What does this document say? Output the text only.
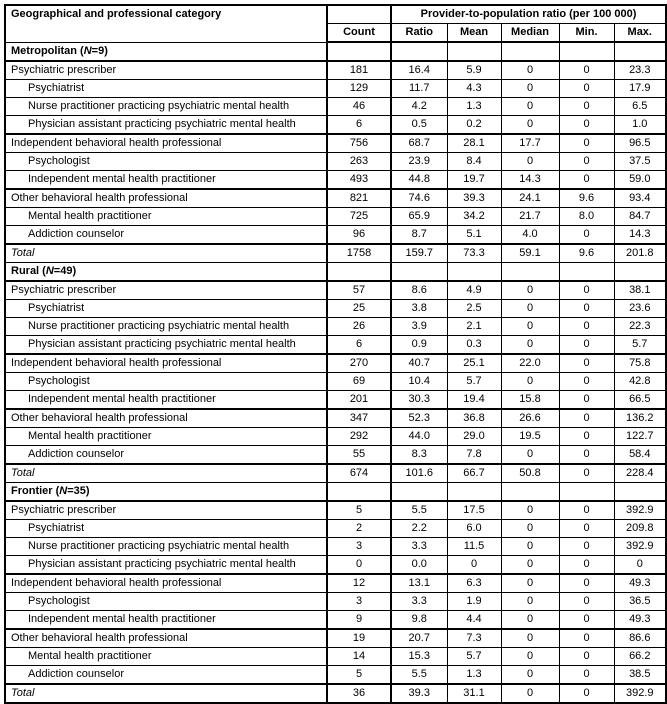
Geographical and professional category		Provider-to-population ratio (per 100 000)				
	Count	Ratio	Mean	Median	Min.	Max.
Metropolitan (N=9)						
Psychiatric prescriber	181	16.4	5.9	0	0	23.3
Psychiatrist	129	11.7	4.3	0	0	17.9
Nurse practitioner practicing psychiatric mental health	46	4.2	1.3	0	0	6.5
Physician assistant practicing psychiatric mental health	6	0.5	0.2	0	0	1.0
Independent behavioral health professional	756	68.7	28.1	17.7	0	96.5
Psychologist	263	23.9	8.4	0	0	37.5
Independent mental health practitioner	493	44.8	19.7	14.3	0	59.0
Other behavioral health professional	821	74.6	39.3	24.1	9.6	93.4
Mental health practitioner	725	65.9	34.2	21.7	8.0	84.7
Addiction counselor	96	8.7	5.1	4.0	0	14.3
Total	1758	159.7	73.3	59.1	9.6	201.8
Rural (N=49)						
Psychiatric prescriber	57	8.6	4.9	0	0	38.1
Psychiatrist	25	3.8	2.5	0	0	23.6
Nurse practitioner practicing psychiatric mental health	26	3.9	2.1	0	0	22.3
Physician assistant practicing psychiatric mental health	6	0.9	0.3	0	0	5.7
Independent behavioral health professional	270	40.7	25.1	22.0	0	75.8
Psychologist	69	10.4	5.7	0	0	42.8
Independent mental health practitioner	201	30.3	19.4	15.8	0	66.5
Other behavioral health professional	347	52.3	36.8	26.6	0	136.2
Mental health practitioner	292	44.0	29.0	19.5	0	122.7
Addiction counselor	55	8.3	7.8	0	0	58.4
Total	674	101.6	66.7	50.8	0	228.4
Frontier (N=35)						
Psychiatric prescriber	5	5.5	17.5	0	0	392.9
Psychiatrist	2	2.2	6.0	0	0	209.8
Nurse practitioner practicing psychiatric mental health	3	3.3	11.5	0	0	392.9
Physician assistant practicing psychiatric mental health	0	0.0	0	0	0	0
Independent behavioral health professional	12	13.1	6.3	0	0	49.3
Psychologist	3	3.3	1.9	0	0	36.5
Independent mental health practitioner	9	9.8	4.4	0	0	49.3
Other behavioral health professional	19	20.7	7.3	0	0	86.6
Mental health practitioner	14	15.3	5.7	0	0	66.2
Addiction counselor	5	5.5	1.3	0	0	38.5
Total	36	39.3	31.1	0	0	392.9
